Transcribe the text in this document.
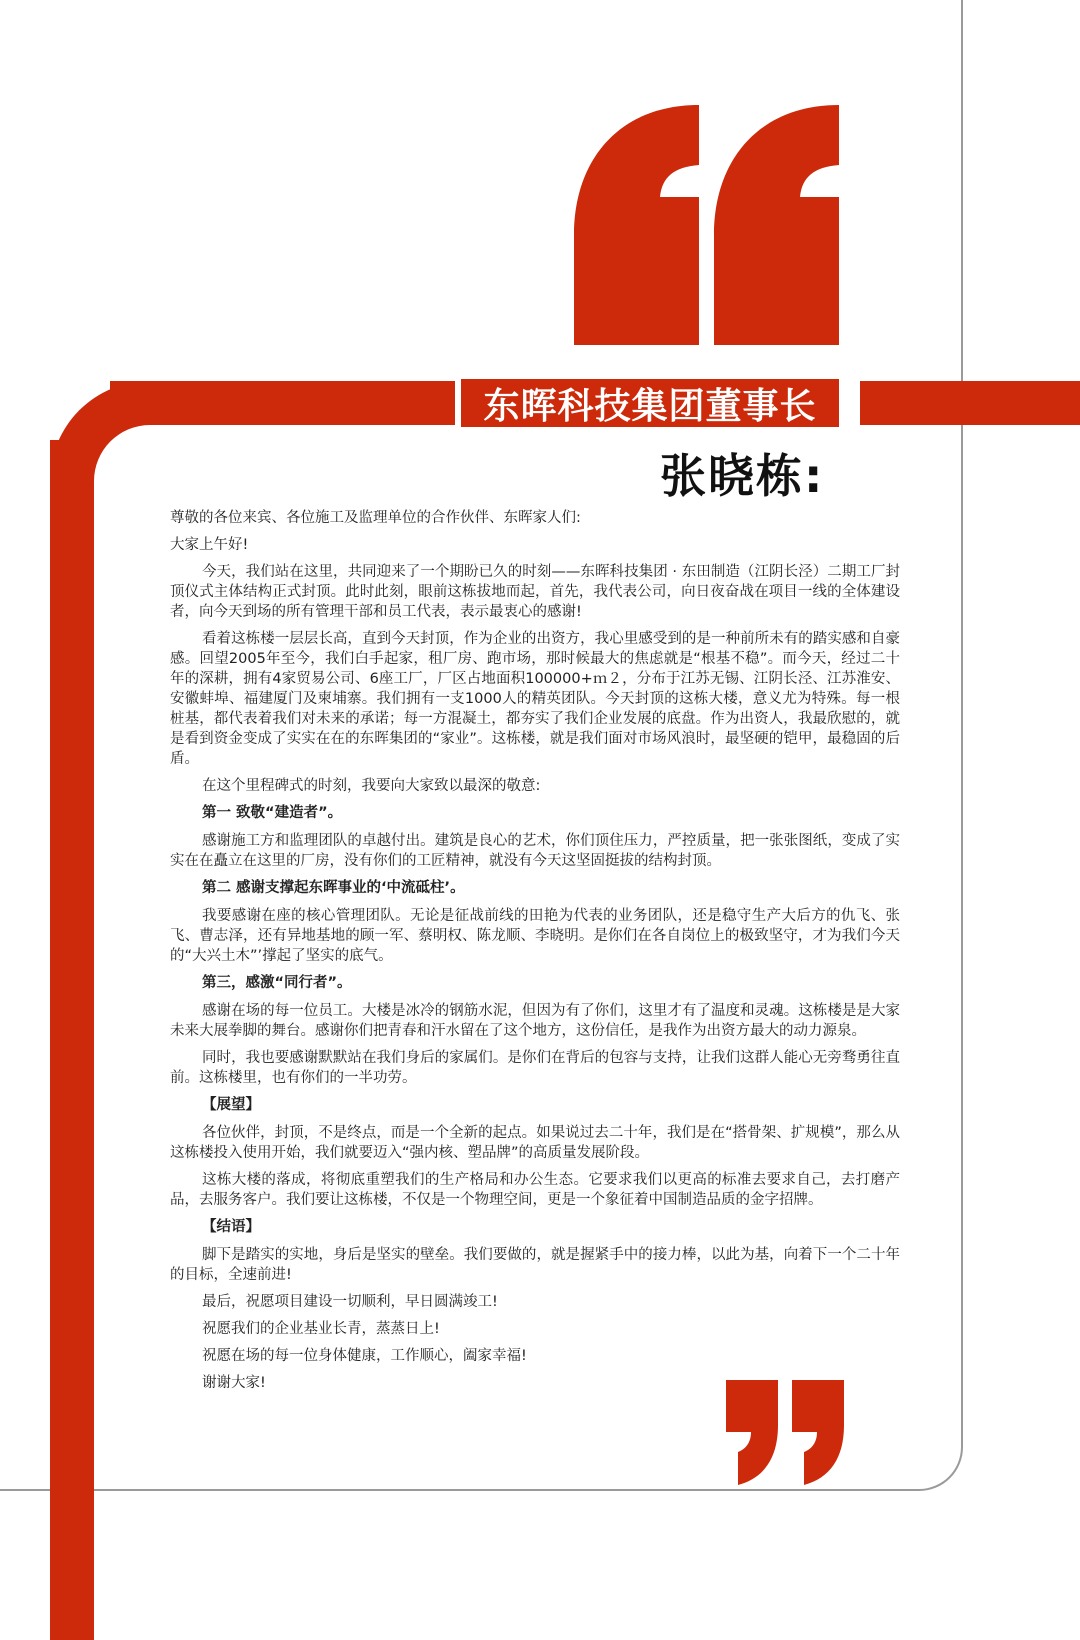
东晖科技集团董事长
张晓栋:

尊敬的各位来宾、各位施工及监理单位的合作伙伴、东晖家人们:

大家上午好!

今天，我们站在这里，共同迎来了一个期盼已久的时刻——东晖科技集团 · 东田制造（江阴长泾）二期工厂封顶仪式主体结构正式封顶。此时此刻，眼前这栋拔地而起，首先，我代表公司，向日夜奋战在项目一线的全体建设者，向今天到场的所有管理干部和员工代表，表示最衷心的感谢!

看着这栋楼一层层长高，直到今天封顶，作为企业的出资方，我心里感受到的是一种前所未有的踏实感和自豪感。回望2005年至今，我们白手起家，租厂房、跑市场，那时候最大的焦虑就是“根基不稳”。而今天，经过二十年的深耕，拥有4家贸易公司、6座工厂，厂区占地面积100000+ｍ２，分布于江苏无锡、江阴长泾、江苏淮安、安徽蚌埠、福建厦门及柬埔寨。我们拥有一支1000人的精英团队。今天封顶的这栋大楼，意义尤为特殊。每一根桩基，都代表着我们对未来的承诺；每一方混凝土，都夯实了我们企业发展的底盘。作为出资人，我最欣慰的，就是看到资金变成了实实在在的东晖集团的“家业”。这栋楼，就是我们面对市场风浪时，最坚硬的铠甲，最稳固的后盾。

在这个里程碑式的时刻，我要向大家致以最深的敬意:

第一 致敬“建造者”。

感谢施工方和监理团队的卓越付出。建筑是良心的艺术，你们顶住压力，严控质量，把一张张图纸，变成了实实在在矗立在这里的厂房，没有你们的工匠精神，就没有今天这坚固挺拔的结构封顶。

第二 感谢支撑起东晖事业的‘中流砥柱’。

我要感谢在座的核心管理团队。无论是征战前线的田艳为代表的业务团队，还是稳守生产大后方的仇飞、张飞、曹志泽，还有异地基地的顾一军、蔡明权、陈龙顺、李晓明。是你们在各自岗位上的极致坚守，才为我们今天的“大兴土木”’撑起了坚实的底气。

第三，感激“同行者”。

感谢在场的每一位员工。大楼是冰冷的钢筋水泥，但因为有了你们，这里才有了温度和灵魂。这栋楼是是大家未来大展拳脚的舞台。感谢你们把青春和汗水留在了这个地方，这份信任，是我作为出资方最大的动力源泉。

同时，我也要感谢默默站在我们身后的家属们。是你们在背后的包容与支持，让我们这群人能心无旁骛勇往直前。这栋楼里，也有你们的一半功劳。

【展望】

各位伙伴，封顶，不是终点，而是一个全新的起点。如果说过去二十年，我们是在“搭骨架、扩规模”，那么从这栋楼投入使用开始，我们就要迈入“强内核、塑品牌”的高质量发展阶段。

这栋大楼的落成，将彻底重塑我们的生产格局和办公生态。它要求我们以更高的标准去要求自己，去打磨产品，去服务客户。我们要让这栋楼，不仅是一个物理空间，更是一个象征着中国制造品质的金字招牌。

【结语】

脚下是踏实的实地，身后是坚实的壁垒。我们要做的，就是握紧手中的接力棒，以此为基，向着下一个二十年的目标，全速前进!

最后，祝愿项目建设一切顺利，早日圆满竣工!

祝愿我们的企业基业长青，蒸蒸日上!

祝愿在场的每一位身体健康，工作顺心，阖家幸福!

谢谢大家!
